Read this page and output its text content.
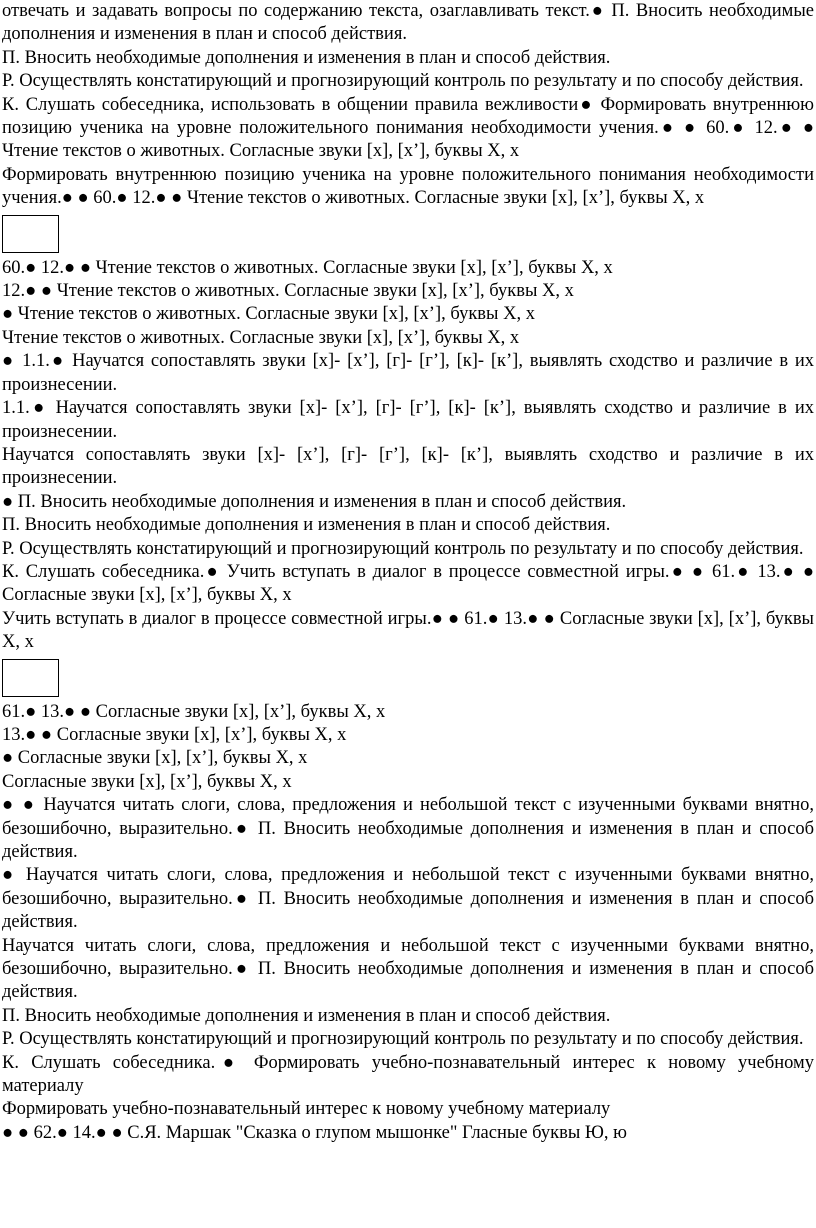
отвечать и задавать вопросы по содержанию текста, озаглавливать текст.● П. Вносить необходимые дополнения и изменения в план и способ действия.

П. Вносить необходимые дополнения и изменения в план и способ действия.

Р. Осуществлять констатирующий и прогнозирующий контроль по результату и по способу действия.

К. Слушать собеседника, использовать в общении правила вежливости● Формировать внутреннюю позицию ученика на уровне положительного понимания необходимости учения.● ● 60.● 12.● ● Чтение текстов о животных. Согласные звуки [х], [х’], буквы Х, х

Формировать внутреннюю позицию ученика на уровне положительного понимания необходимости учения.● ● 60.● 12.● ● Чтение текстов о животных. Согласные звуки [х], [х’], буквы Х, х

60.● 12.● ● Чтение текстов о животных. Согласные звуки [х], [х’], буквы Х, х

12.● ● Чтение текстов о животных. Согласные звуки [х], [х’], буквы Х, х

● Чтение текстов о животных. Согласные звуки [х], [х’], буквы Х, х

Чтение текстов о животных. Согласные звуки [х], [х’], буквы Х, х

● 1.1.● Научатся сопоставлять звуки [х]- [х’], [г]- [г’], [к]- [к’], выявлять сходство и различие в их произнесении.

1.1.● Научатся сопоставлять звуки [х]- [х’], [г]- [г’], [к]- [к’], выявлять сходство и различие в их произнесении.

Научатся сопоставлять звуки [х]- [х’], [г]- [г’], [к]- [к’], выявлять сходство и различие в их произнесении.

● П. Вносить необходимые дополнения и изменения в план и способ действия.

П. Вносить необходимые дополнения и изменения в план и способ действия.

Р. Осуществлять констатирующий и прогнозирующий контроль по результату и по способу действия.

К. Слушать собеседника.● Учить вступать в диалог в процессе совместной игры.● ● 61.● 13.● ● Согласные звуки [х], [х’], буквы Х, х

Учить вступать в диалог в процессе совместной игры.● ● 61.● 13.● ● Согласные звуки [х], [х’], буквы Х, х

61.● 13.● ● Согласные звуки [х], [х’], буквы Х, х

13.● ● Согласные звуки [х], [х’], буквы Х, х

● Согласные звуки [х], [х’], буквы Х, х

Согласные звуки [х], [х’], буквы Х, х

● ● Научатся читать слоги, слова, предложения и небольшой текст с изученными буквами внятно, безошибочно, выразительно.● П. Вносить необходимые дополнения и изменения в план и способ действия.

● Научатся читать слоги, слова, предложения и небольшой текст с изученными буквами внятно, безошибочно, выразительно.● П. Вносить необходимые дополнения и изменения в план и способ действия.

Научатся читать слоги, слова, предложения и небольшой текст с изученными буквами внятно, безошибочно, выразительно.● П. Вносить необходимые дополнения и изменения в план и способ действия.

П. Вносить необходимые дополнения и изменения в план и способ действия.

Р. Осуществлять констатирующий и прогнозирующий контроль по результату и по способу действия.

К. Слушать собеседника.● Формировать учебно-познавательный интерес к новому учебному материалу

Формировать учебно-познавательный интерес к новому учебному материалу

● ● 62.● 14.● ● С.Я. Маршак "Сказка о глупом мышонке" Гласные буквы Ю, ю
